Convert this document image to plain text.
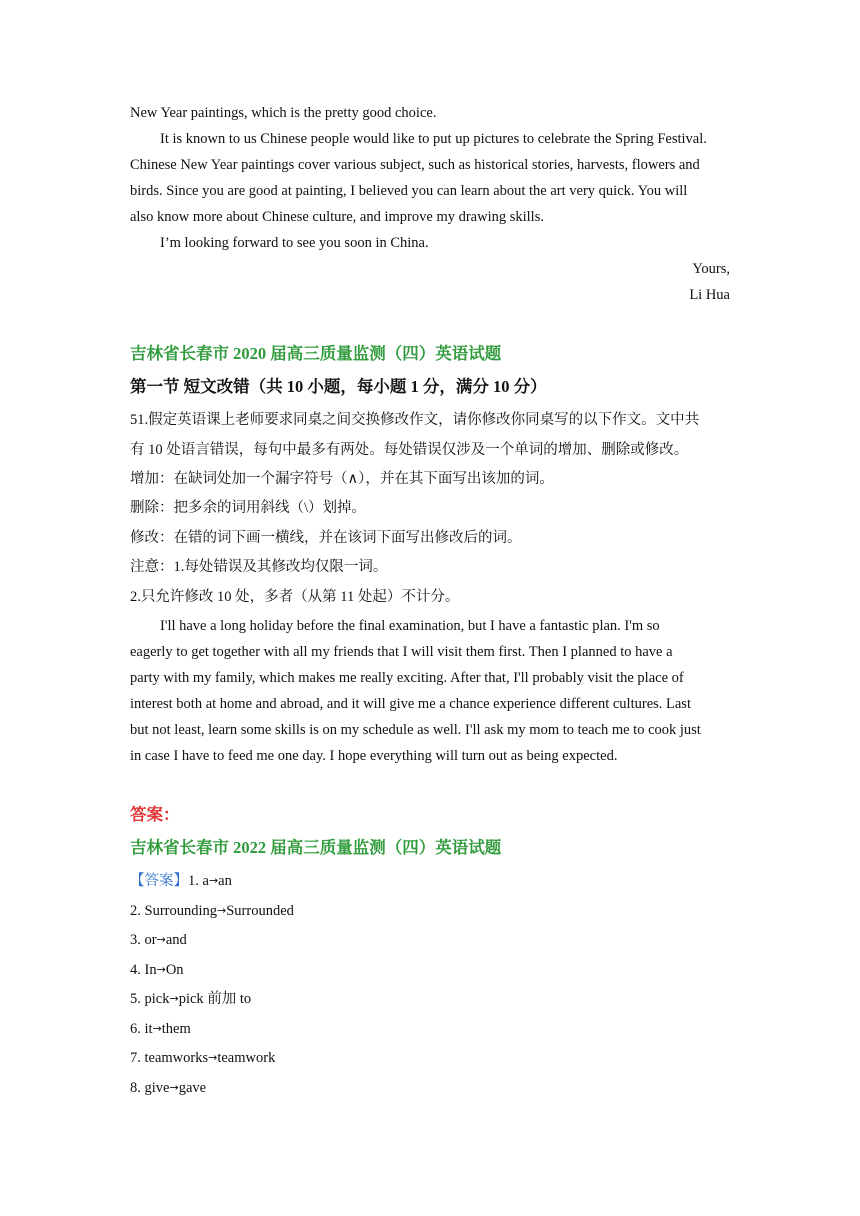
New Year paintings, which is the pretty good choice.
It is known to us Chinese people would like to put up pictures to celebrate the Spring Festival.
Chinese New Year paintings cover various subject, such as historical stories, harvests, flowers and
birds. Since you are good at painting, I believed you can learn about the art very quick. You will
also know more about Chinese culture, and improve my drawing skills.
I’m looking forward to see you soon in China.
Yours,
Li Hua
吉林省长春市 2020 届高三质量监测（四）英语试题
第一节 短文改错（共 10 小题，每小题 1 分，满分 10 分）
51.假定英语课上老师要求同桌之间交换修改作文，请你修改你同桌写的以下作文。文中共
有 10 处语言错误，每句中最多有两处。每处错误仅涉及一个单词的增加、删除或修改。
增加：在缺词处加一个漏字符号（∧），并在其下面写出该加的词。
删除：把多余的词用斜线（\）划掉。
修改：在错的词下画一横线，并在该词下面写出修改后的词。
注意：1.每处错误及其修改均仅限一词。
2.只允许修改 10 处，多者（从第 11 处起）不计分。
I'll have a long holiday before the final examination, but I have a fantastic plan. I'm so
eagerly to get together with all my friends that I will visit them first. Then I planned to have a
party with my family, which makes me really exciting. After that, I'll probably visit the place of
interest both at home and abroad, and it will give me a chance experience different cultures. Last
but not least, learn some skills is on my schedule as well. I'll ask my mom to teach me to cook just
in case I have to feed me one day. I hope everything will turn out as being expected.
答案：
吉林省长春市 2022 届高三质量监测（四）英语试题
【答案】1. a→an
2. Surrounding→Surrounded
3. or→and
4. In→On
5. pick→pick 前加 to
6. it→them
7. teamworks→teamwork
8. give→gave
